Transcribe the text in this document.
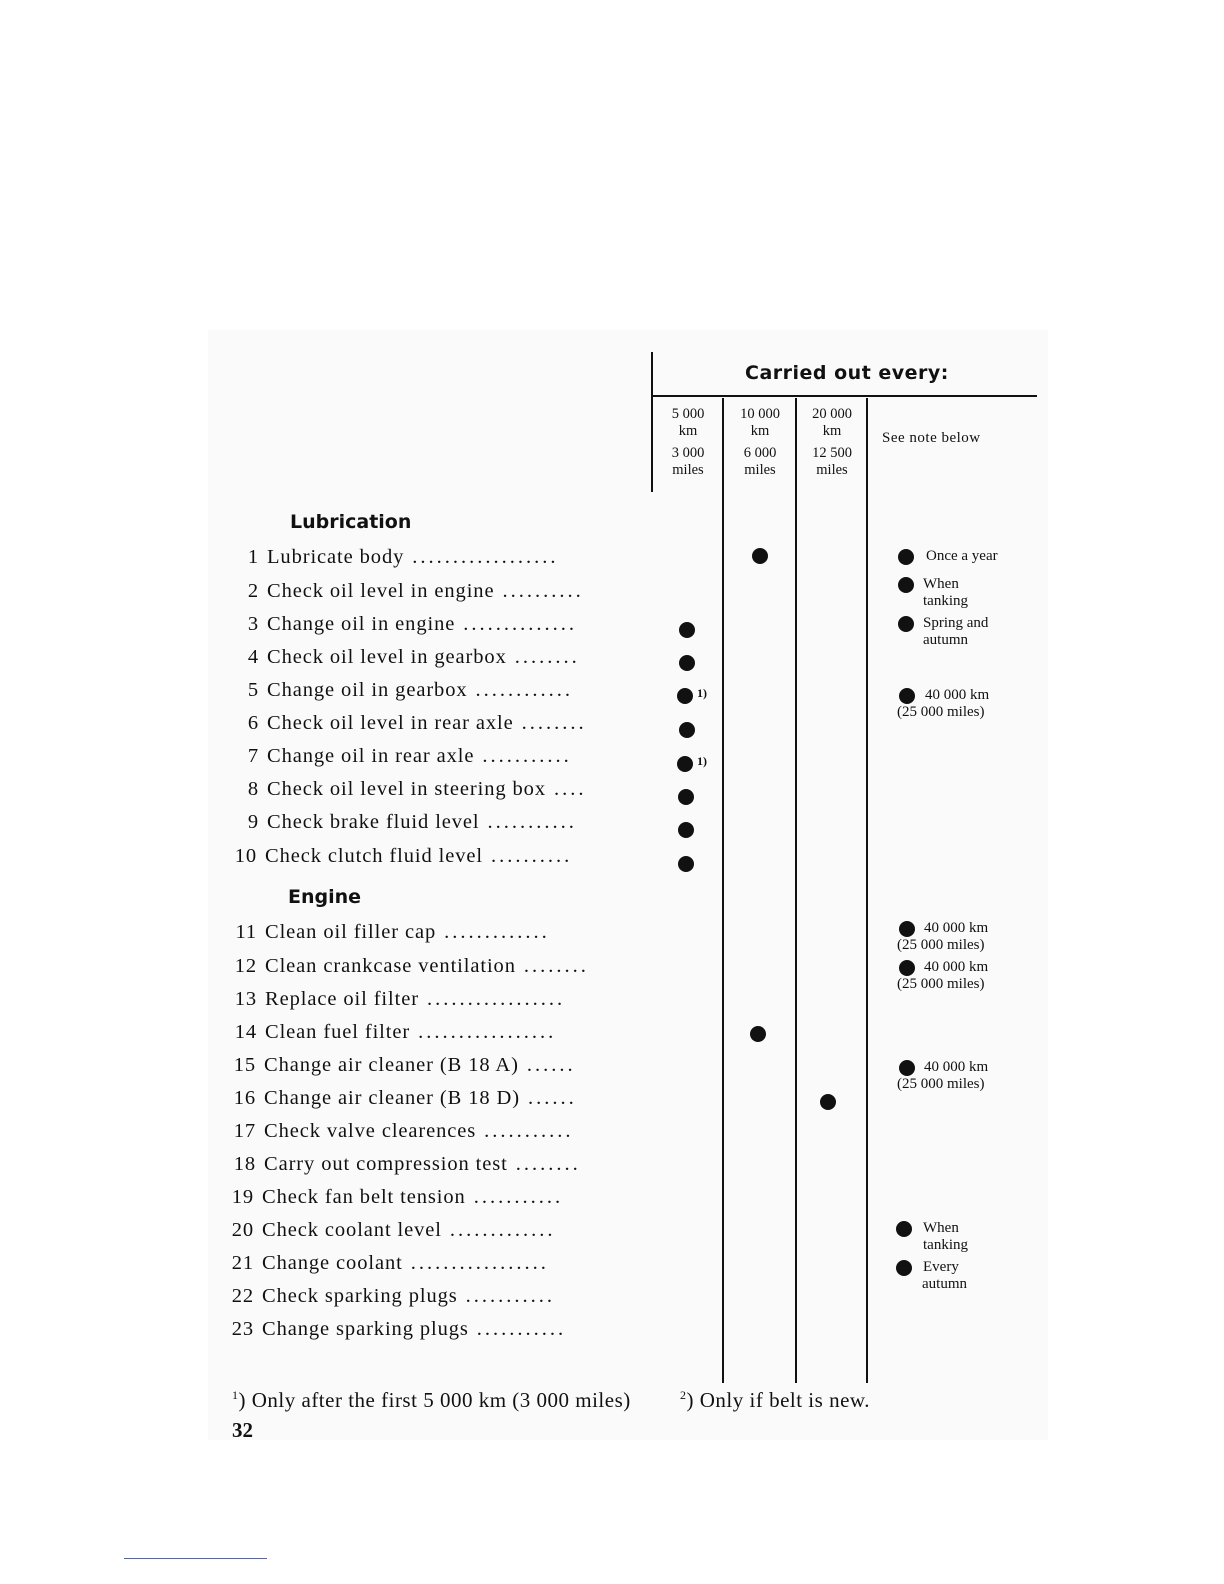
Carried out every:
5 000
km
3 000
miles
10 000
km
6 000
miles
20 000
km
12 500
miles
See note below
Lubrication
Engine
1 Lubricate body ..................
2 Check oil level in engine ..........
3 Change oil in engine ..............
4 Check oil level in gearbox ........
5 Change oil in gearbox ............
6 Check oil level in rear axle ........
7 Change oil in rear axle ...........
8 Check oil level in steering box ....
9 Check brake fluid level ...........
10 Check clutch fluid level ..........
11 Clean oil filler cap .............
12 Clean crankcase ventilation ........
13 Replace oil filter .................
14 Clean fuel filter .................
15 Change air cleaner (B 18 A) ......
16 Change air cleaner (B 18 D) ......
17 Check valve clearences ...........
18 Carry out compression test ........
19 Check fan belt tension ...........
20 Check coolant level .............
21 Change coolant .................
22 Check sparking plugs ...........
23 Change sparking plugs ...........
1)
1)
Once a year
When
tanking
Spring and
autumn
40 000 km
(25 000 miles)
40 000 km
(25 000 miles)
40 000 km
(25 000 miles)
40 000 km
(25 000 miles)
When
tanking
Every
autumn
$^1$) Only after the first 5 000 km (3 000 miles)	$^2$) Only if belt is new.
32
